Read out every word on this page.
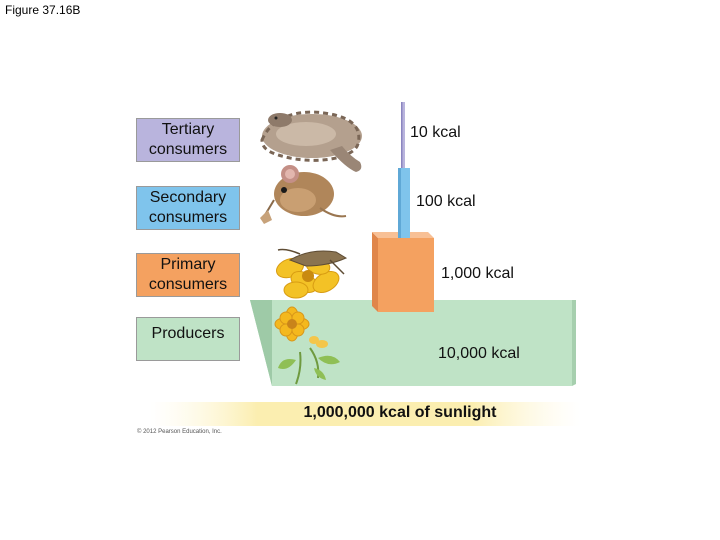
Figure 37.16B
Tertiary
consumers
Secondary
consumers
Primary
consumers
Producers
10 kcal
100 kcal
1,000 kcal
10,000 kcal
1,000,000 kcal of sunlight
© 2012 Pearson Education, Inc.
